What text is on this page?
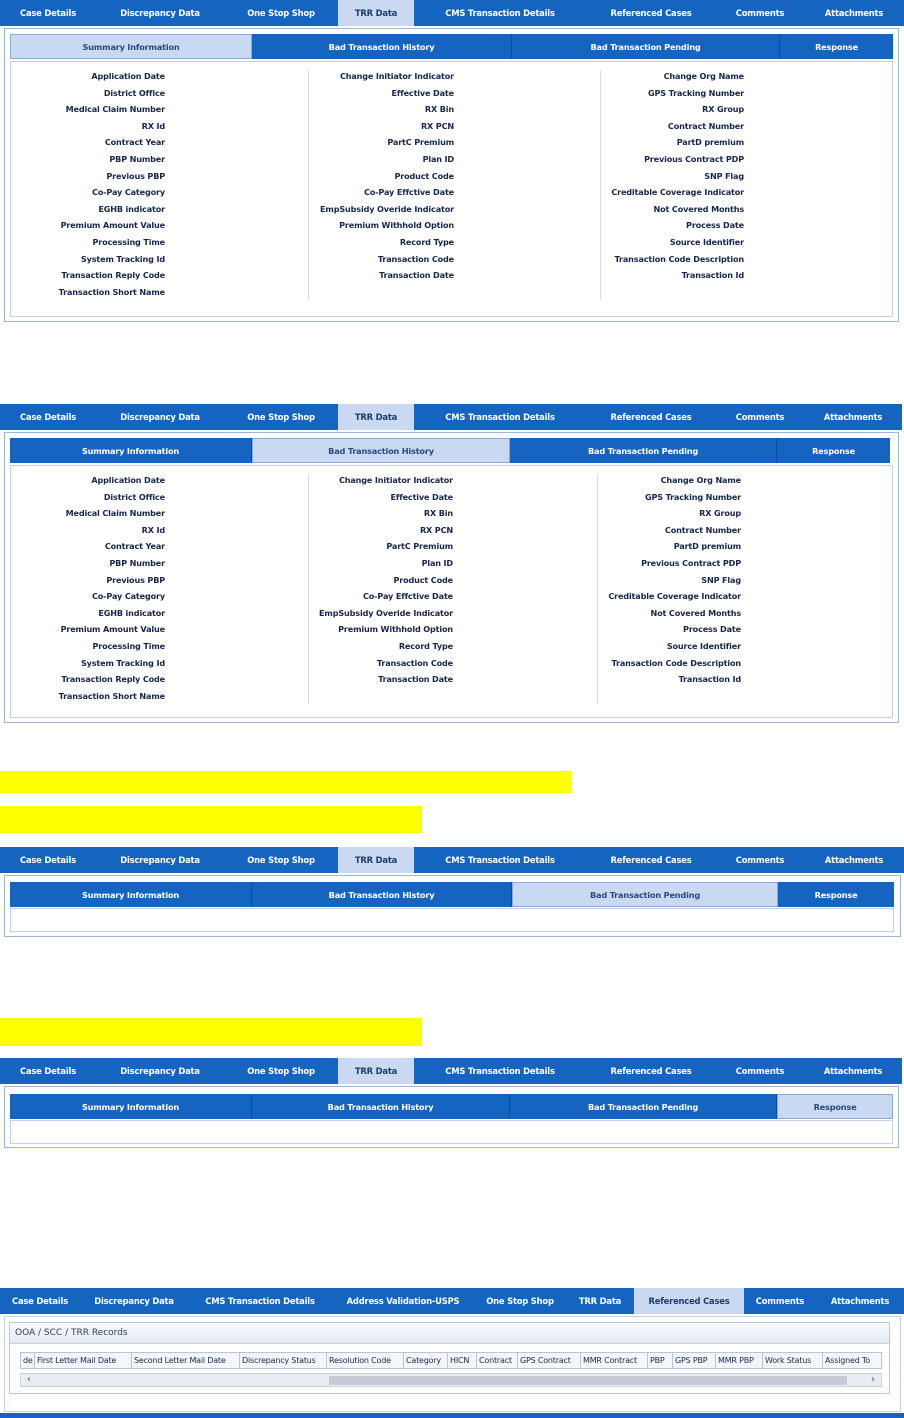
Case Details	Discrepancy Data	One Stop Shop	TRR Data	CMS Transaction Details	Referenced Cases	Comments	Attachments
Summary Information	Bad Transaction History	Bad Transaction Pending	Response
Application Date
District Office
Medical Claim Number
RX Id
Contract Year
PBP Number
Previous PBP
Co-Pay Category
EGHB indicator
Premium Amount Value
Processing Time
System Tracking Id
Transaction Reply Code
Transaction Short Name
Change Initiator Indicator
Effective Date
RX Bin
RX PCN
PartC Premium
Plan ID
Product Code
Co-Pay Effctive Date
EmpSubsidy Overide Indicator
Premium Withhold Option
Record Type
Transaction Code
Transaction Date
Change Org Name
GPS Tracking Number
RX Group
Contract Number
PartD premium
Previous Contract PDP
SNP Flag
Creditable Coverage Indicator
Not Covered Months
Process Date
Source Identifier
Transaction Code Description
Transaction Id
Case Details	Discrepancy Data	One Stop Shop	TRR Data	CMS Transaction Details	Referenced Cases	Comments	Attachments
Summary Information	Bad Transaction History	Bad Transaction Pending	Response
Application Date
District Office
Medical Claim Number
RX Id
Contract Year
PBP Number
Previous PBP
Co-Pay Category
EGHB indicator
Premium Amount Value
Processing Time
System Tracking Id
Transaction Reply Code
Transaction Short Name
Change Initiator Indicator
Effective Date
RX Bin
RX PCN
PartC Premium
Plan ID
Product Code
Co-Pay Effctive Date
EmpSubsidy Overide Indicator
Premium Withhold Option
Record Type
Transaction Code
Transaction Date
Change Org Name
GPS Tracking Number
RX Group
Contract Number
PartD premium
Previous Contract PDP
SNP Flag
Creditable Coverage Indicator
Not Covered Months
Process Date
Source Identifier
Transaction Code Description
Transaction Id
Case Details	Discrepancy Data	One Stop Shop	TRR Data	CMS Transaction Details	Referenced Cases	Comments	Attachments
Summary Information	Bad Transaction History	Bad Transaction Pending	Response
Case Details	Discrepancy Data	One Stop Shop	TRR Data	CMS Transaction Details	Referenced Cases	Comments	Attachments
Summary Information	Bad Transaction History	Bad Transaction Pending	Response
Case Details	Discrepancy Data	CMS Transaction Details	Address Validation-USPS	One Stop Shop	TRR Data	Referenced Cases	Comments	Attachments
OOA / SCC / TRR Records
de First Letter Mail Date	Second Letter Mail Date	Discrepancy Status	Resolution Code	Category	HICN	Contract	GPS Contract	MMR Contract	PBP	GPS PBP	MMR PBP	Work Status	Assigned To
‹	›
